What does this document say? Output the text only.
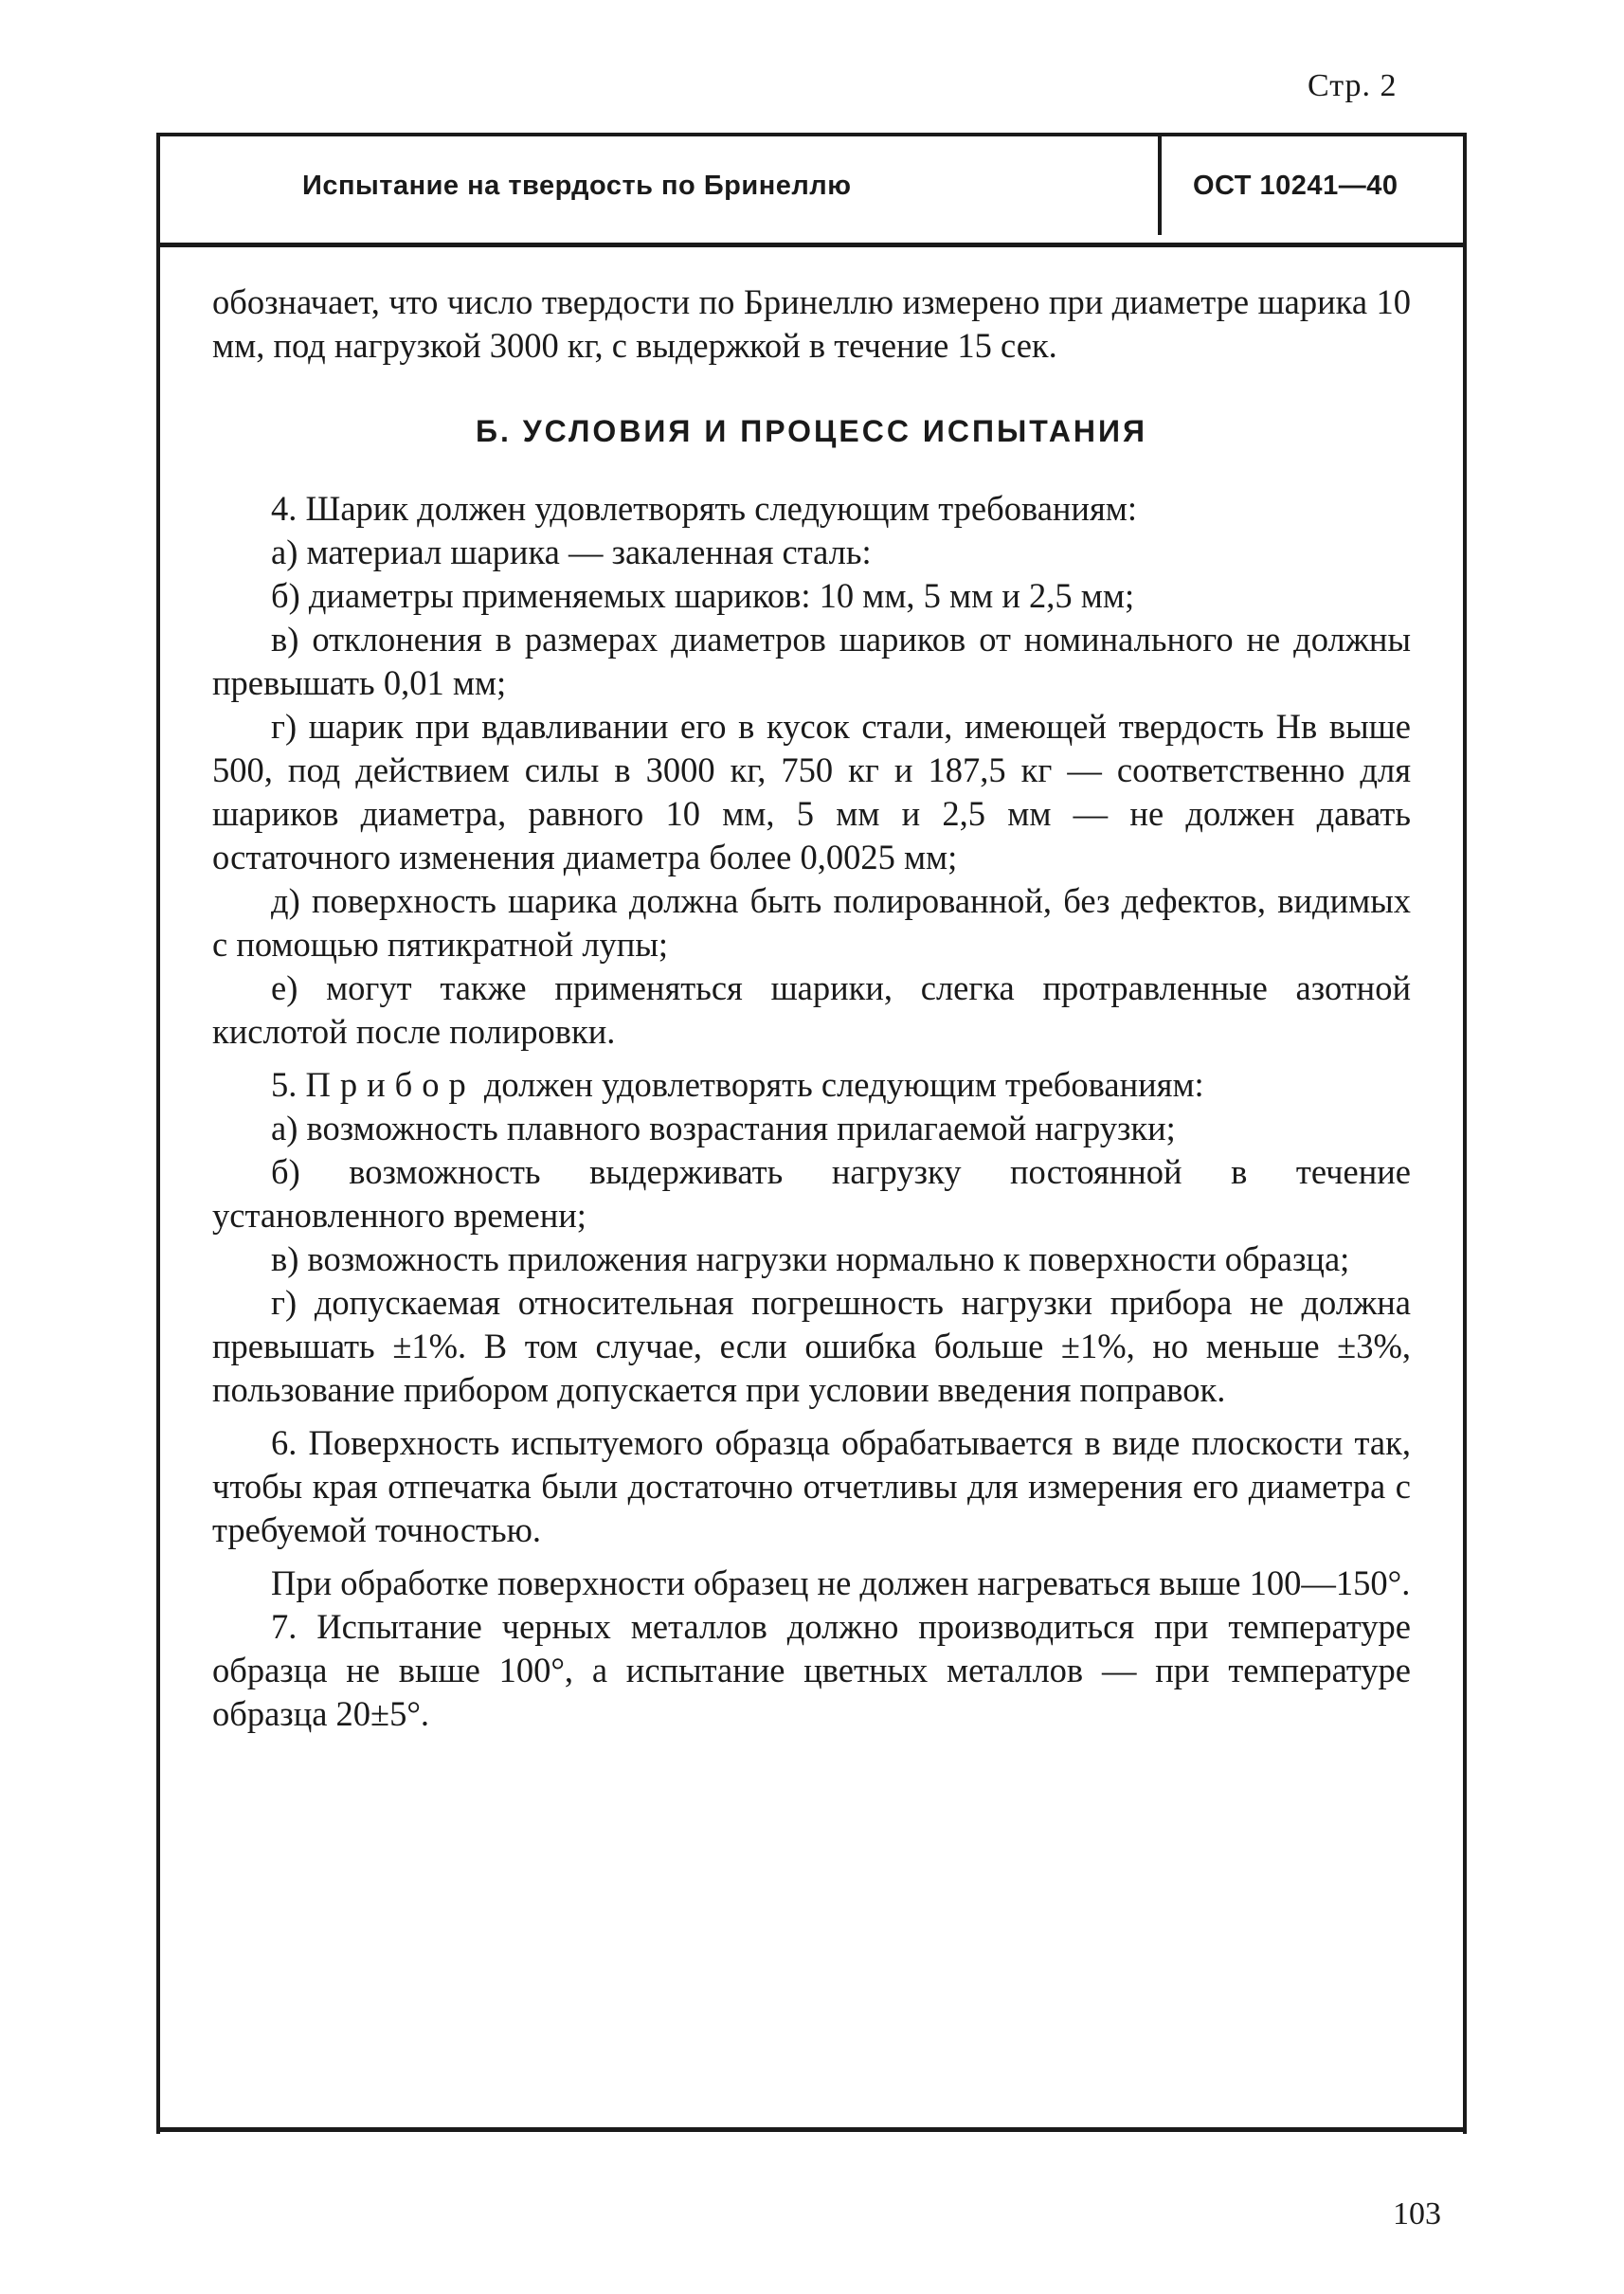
Стр. 2
Испытание на твердость по Бринеллю	ОСТ 10241—40

обозначает, что число твердости по Бринеллю измерено при диаметре шарика 10 мм, под нагрузкой 3000 кг, с выдержкой в течение 15 сек.

Б. УСЛОВИЯ И ПРОЦЕСС ИСПЫТАНИЯ

4. Шарик должен удовлетворять следующим требованиям:

а) материал шарика — закаленная сталь:

б) диаметры применяемых шариков: 10 мм, 5 мм и 2,5 мм;

в) отклонения в размерах диаметров шариков от номинального не должны превышать 0,01 мм;

г) шарик при вдавливании его в кусок стали, имеющей твердость Hв выше 500, под действием силы в 3000 кг, 750 кг и 187,5 кг — соответственно для шариков диаметра, равного 10 мм, 5 мм и 2,5 мм — не должен давать остаточного изменения диаметра более 0,0025 мм;

д) поверхность шарика должна быть полированной, без дефектов, видимых с помощью пятикратной лупы;

е) могут также применяться шарики, слегка протравленные азотной кислотой после полировки.

5. Прибор должен удовлетворять следующим требованиям:

а) возможность плавного возрастания прилагаемой нагрузки;

б) возможность выдерживать нагрузку постоянной в течение установленного времени;

в) возможность приложения нагрузки нормально к поверхности образца;

г) допускаемая относительная погрешность нагрузки прибора не должна превышать ±1%. В том случае, если ошибка больше ±1%, но меньше ±3%, пользование прибором допускается при условии введения поправок.

6. Поверхность испытуемого образца обрабатывается в виде плоскости так, чтобы края отпечатка были достаточно отчетливы для измерения его диаметра с требуемой точностью.

При обработке поверхности образец не должен нагреваться выше 100—150°.

7. Испытание черных металлов должно производиться при температуре образца не выше 100°, а испытание цветных металлов — при температуре образца 20±5°.

103
